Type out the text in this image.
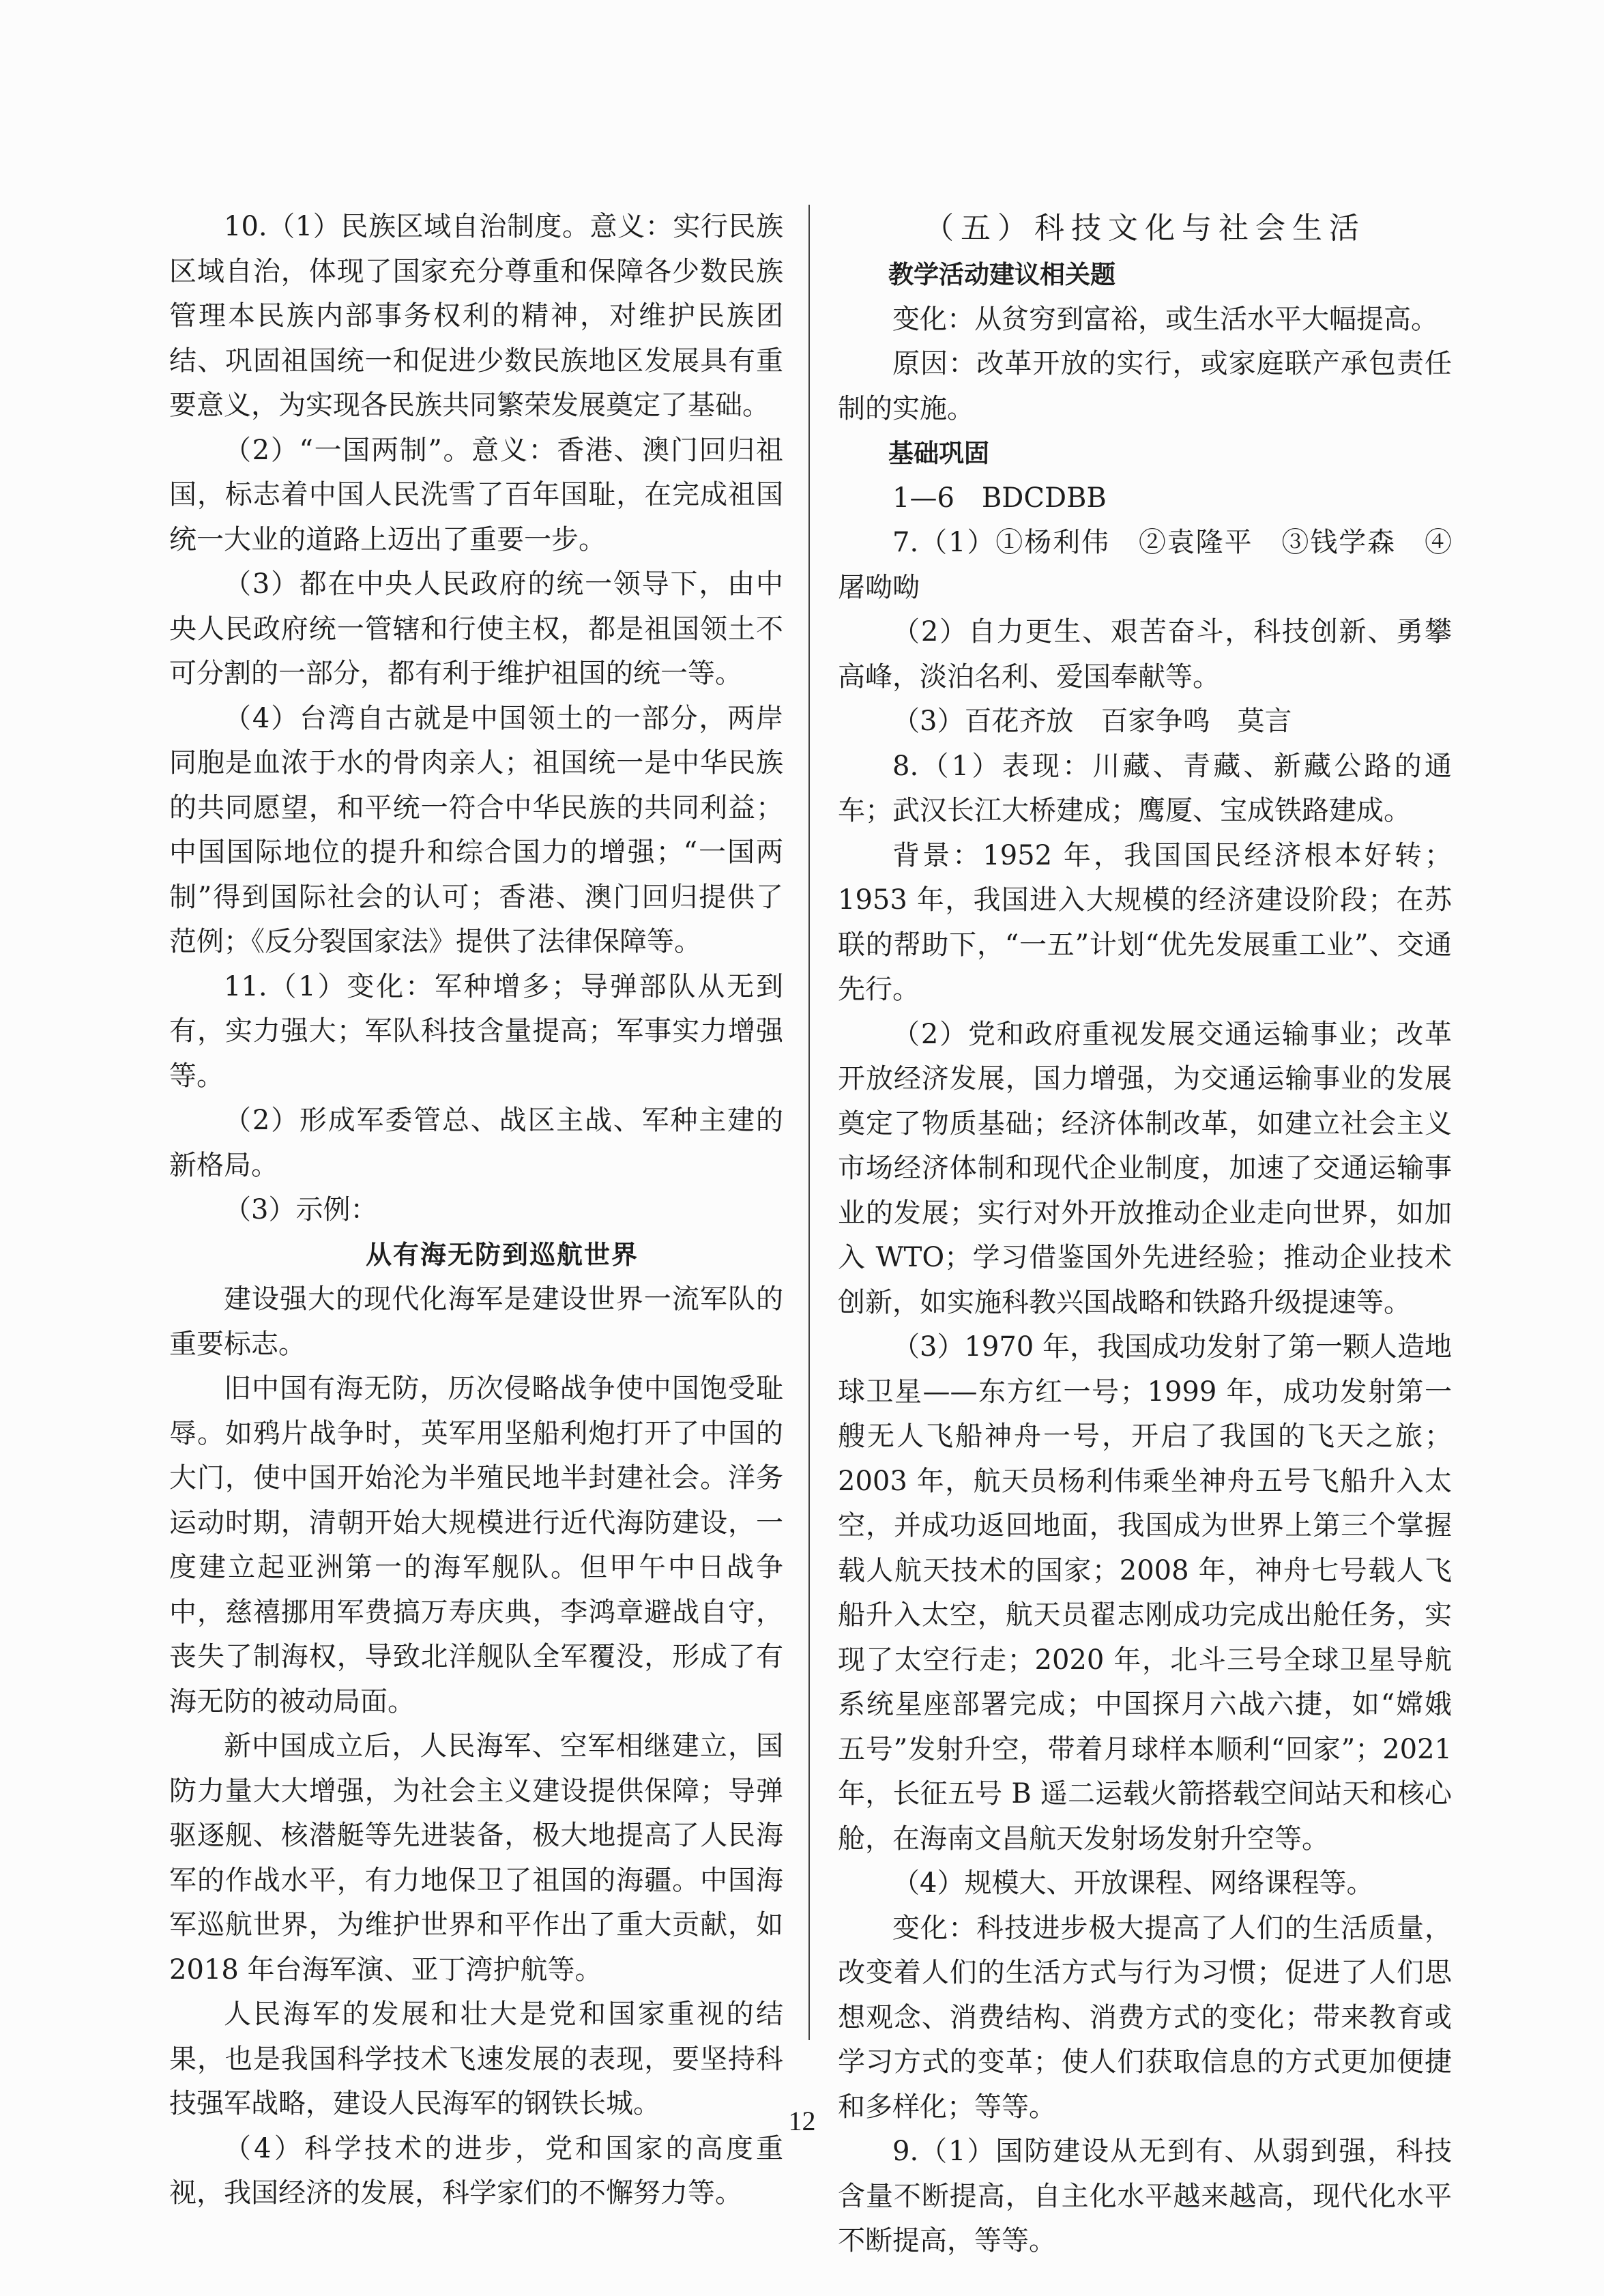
10.（1）民族区域自治制度。意义：实行民族区域自治，体现了国家充分尊重和保障各少数民族管理本民族内部事务权利的精神，对维护民族团结、巩固祖国统一和促进少数民族地区发展具有重要意义，为实现各民族共同繁荣发展奠定了基础。

（2）“一国两制”。意义：香港、澳门回归祖国，标志着中国人民洗雪了百年国耻，在完成祖国统一大业的道路上迈出了重要一步。

（3）都在中央人民政府的统一领导下，由中央人民政府统一管辖和行使主权，都是祖国领土不可分割的一部分，都有利于维护祖国的统一等。

（4）台湾自古就是中国领土的一部分，两岸同胞是血浓于水的骨肉亲人；祖国统一是中华民族的共同愿望，和平统一符合中华民族的共同利益；中国国际地位的提升和综合国力的增强；“一国两制”得到国际社会的认可；香港、澳门回归提供了范例；《反分裂国家法》提供了法律保障等。

11.（1）变化：军种增多；导弹部队从无到有，实力强大；军队科技含量提高；军事实力增强等。

（2）形成军委管总、战区主战、军种主建的新格局。

（3）示例：

从有海无防到巡航世界

建设强大的现代化海军是建设世界一流军队的重要标志。

旧中国有海无防，历次侵略战争使中国饱受耻辱。如鸦片战争时，英军用坚船利炮打开了中国的大门，使中国开始沦为半殖民地半封建社会。洋务运动时期，清朝开始大规模进行近代海防建设，一度建立起亚洲第一的海军舰队。但甲午中日战争中，慈禧挪用军费搞万寿庆典，李鸿章避战自守，丧失了制海权，导致北洋舰队全军覆没，形成了有海无防的被动局面。

新中国成立后，人民海军、空军相继建立，国防力量大大增强，为社会主义建设提供保障；导弹驱逐舰、核潜艇等先进装备，极大地提高了人民海军的作战水平，有力地保卫了祖国的海疆。中国海军巡航世界，为维护世界和平作出了重大贡献，如 2018 年台海军演、亚丁湾护航等。

人民海军的发展和壮大是党和国家重视的结果，也是我国科学技术飞速发展的表现，要坚持科技强军战略，建设人民海军的钢铁长城。

（4）科学技术的进步，党和国家的高度重视，我国经济的发展，科学家们的不懈努力等。

（五）科技文化与社会生活
教学活动建议相关题

变化：从贫穷到富裕，或生活水平大幅提高。

原因：改革开放的实行，或家庭联产承包责任制的实施。

基础巩固

1—6　BDCDBB

7.（1）①杨利伟　②袁隆平　③钱学森　④屠呦呦

（2）自力更生、艰苦奋斗，科技创新、勇攀高峰，淡泊名利、爱国奉献等。

（3）百花齐放　百家争鸣　莫言

8.（1）表现：川藏、青藏、新藏公路的通车；武汉长江大桥建成；鹰厦、宝成铁路建成。

背景：1952 年，我国国民经济根本好转；1953 年，我国进入大规模的经济建设阶段；在苏联的帮助下，“一五”计划“优先发展重工业”、交通先行。

（2）党和政府重视发展交通运输事业；改革开放经济发展，国力增强，为交通运输事业的发展奠定了物质基础；经济体制改革，如建立社会主义市场经济体制和现代企业制度，加速了交通运输事业的发展；实行对外开放推动企业走向世界，如加入 WTO；学习借鉴国外先进经验；推动企业技术创新，如实施科教兴国战略和铁路升级提速等。

（3）1970 年，我国成功发射了第一颗人造地球卫星——东方红一号；1999 年，成功发射第一艘无人飞船神舟一号，开启了我国的飞天之旅；2003 年，航天员杨利伟乘坐神舟五号飞船升入太空，并成功返回地面，我国成为世界上第三个掌握载人航天技术的国家；2008 年，神舟七号载人飞船升入太空，航天员翟志刚成功完成出舱任务，实现了太空行走；2020 年，北斗三号全球卫星导航系统星座部署完成；中国探月六战六捷，如“嫦娥五号”发射升空，带着月球样本顺利“回家”；2021 年，长征五号 B 遥二运载火箭搭载空间站天和核心舱，在海南文昌航天发射场发射升空等。

（4）规模大、开放课程、网络课程等。

变化：科技进步极大提高了人们的生活质量，改变着人们的生活方式与行为习惯；促进了人们思想观念、消费结构、消费方式的变化；带来教育或学习方式的变革；使人们获取信息的方式更加便捷和多样化；等等。

9.（1）国防建设从无到有、从弱到强，科技含量不断提高，自主化水平越来越高，现代化水平不断提高，等等。

12
